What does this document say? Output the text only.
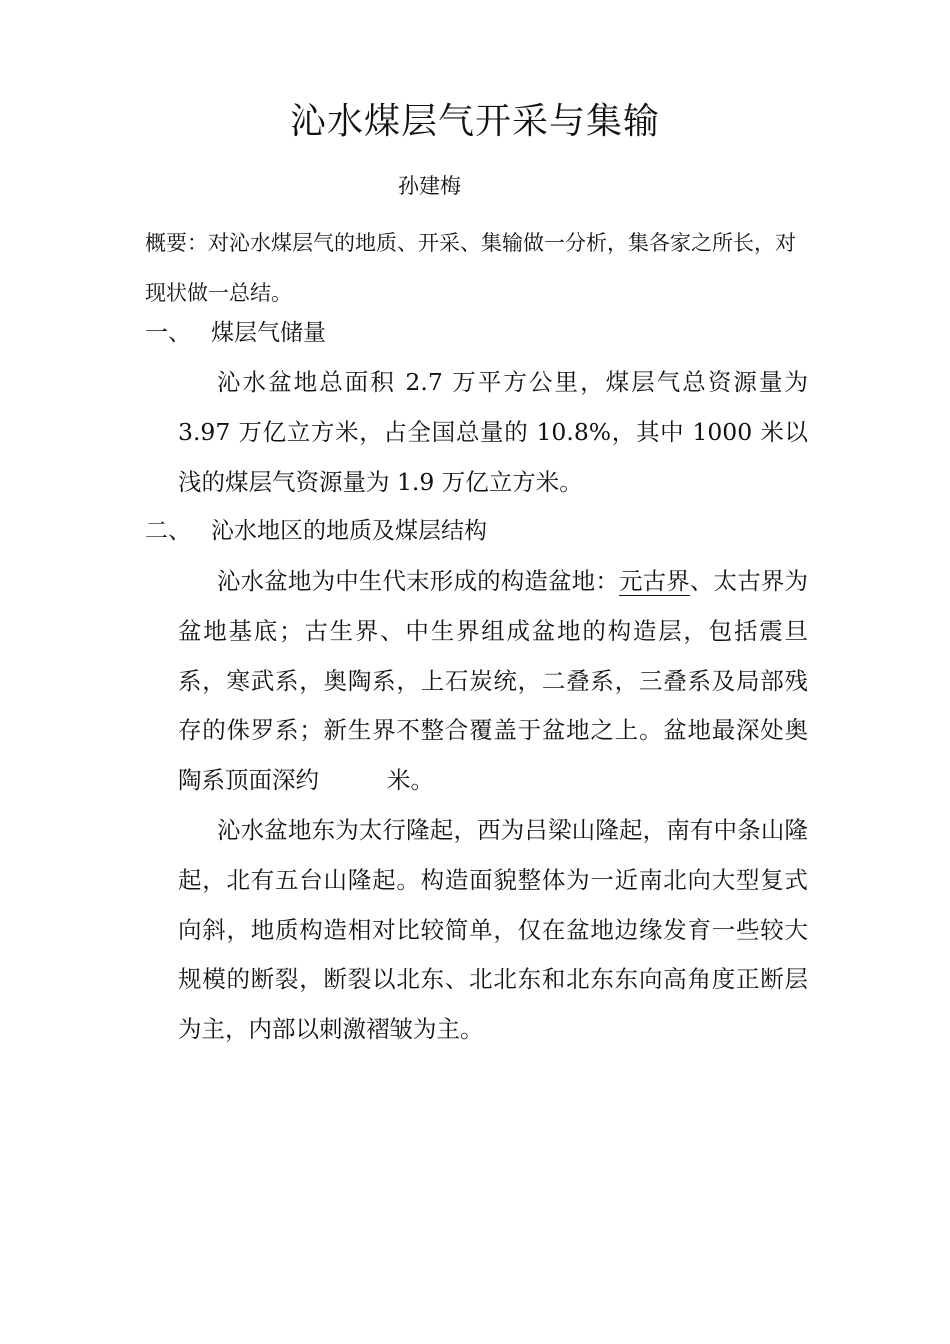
沁水煤层气开采与集输
孙建梅

概要：对沁水煤层气的地质、开采、集输做一分析，集各家之所长，对现状做一总结。

一、 煤层气储量

沁水盆地总面积 2.7 万平方公里，煤层气总资源量为 3.97 万亿立方米，占全国总量的 10.8%，其中 1000 米以浅的煤层气资源量为 1.9 万亿立方米。

二、 沁水地区的地质及煤层结构

沁水盆地为中生代末形成的构造盆地：元古界、太古界为盆地基底；古生界、中生界组成盆地的构造层，包括震旦系，寒武系，奥陶系，上石炭统，二叠系，三叠系及局部残存的侏罗系；新生界不整合覆盖于盆地之上。盆地最深处奥陶系顶面深约	米。

沁水盆地东为太行隆起，西为吕梁山隆起，南有中条山隆起，北有五台山隆起。构造面貌整体为一近南北向大型复式向斜，地质构造相对比较简单，仅在盆地边缘发育一些较大规模的断裂，断裂以北东、北北东和北东东向高角度正断层为主，内部以刺激褶皱为主。
